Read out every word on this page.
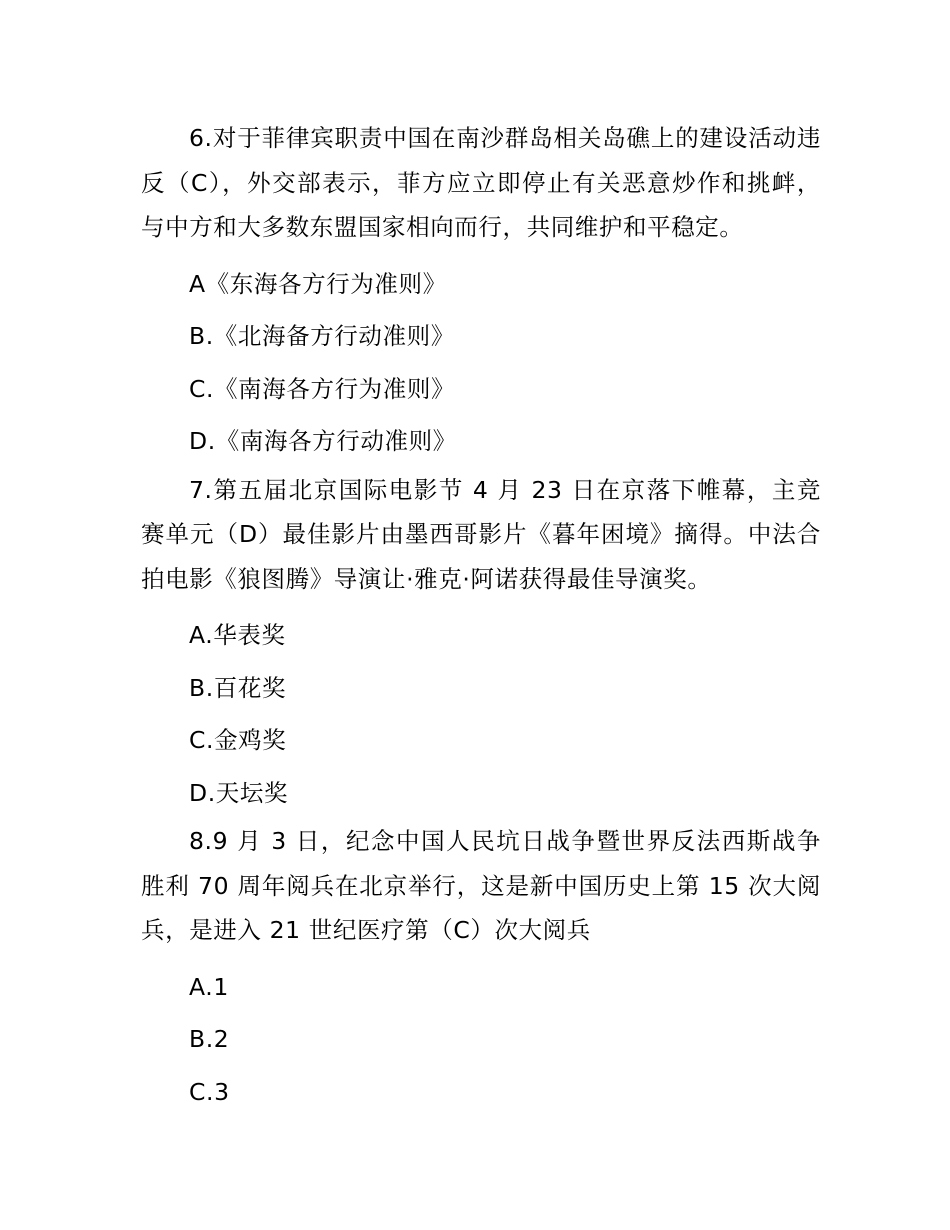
6.对于菲律宾职责中国在南沙群岛相关岛礁上的建设活动违反（C），外交部表示，菲方应立即停止有关恶意炒作和挑衅，与中方和大多数东盟国家相向而行，共同维护和平稳定。

A《东海各方行为准则》

B.《北海备方行动准则》

C.《南海各方行为准则》

D.《南海各方行动准则》

7.第五届北京国际电影节 4 月 23 日在京落下帷幕，主竞赛单元（D）最佳影片由墨西哥影片《暮年困境》摘得。中法合拍电影《狼图腾》导演让·雅克·阿诺获得最佳导演奖。

A.华表奖

B.百花奖

C.金鸡奖

D.天坛奖

8.9 月 3 日，纪念中国人民坑日战争暨世界反法西斯战争胜利 70 周年阅兵在北京举行，这是新中国历史上第 15 次大阅兵，是进入 21 世纪医疗第（C）次大阅兵

A.1

B.2

C.3
